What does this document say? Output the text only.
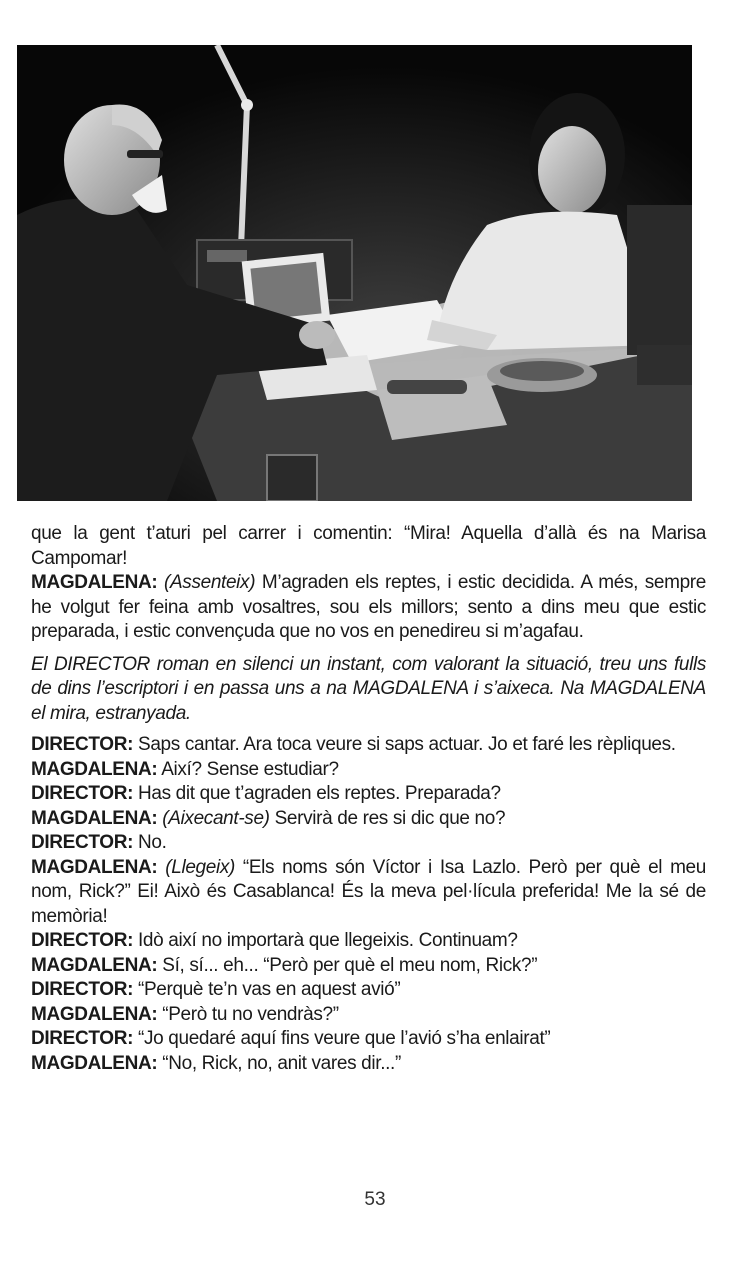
que la gent t’aturi pel carrer i comentin: “Mira! Aquella d’allà és na Marisa Campomar!

MAGDALENA: (Assenteix) M’agraden els reptes, i estic decidida. A més, sempre he volgut fer feina amb vosaltres, sou els millors; sento a dins meu que estic preparada, i estic convençuda que no vos en penedireu si m’agafau.

El DIRECTOR roman en silenci un instant, com valorant la situació, treu uns fulls de dins l’escriptori i en passa uns a na MAGDALENA i s’aixeca. Na MAGDALENA el mira, estranyada.

DIRECTOR: Saps cantar. Ara toca veure si saps actuar. Jo et faré les rèpliques.

MAGDALENA: Així? Sense estudiar?

DIRECTOR: Has dit que t’agraden els reptes. Preparada?

MAGDALENA: (Aixecant-se) Servirà de res si dic que no?

DIRECTOR: No.

MAGDALENA: (Llegeix) “Els noms són Víctor i Isa Lazlo. Però per què el meu nom, Rick?” Ei! Això és Casablanca! És la meva pel·lícula preferida! Me la sé de memòria!

DIRECTOR: Idò així no importarà que llegeixis. Continuam?

MAGDALENA: Sí, sí... eh... “Però per què el meu nom, Rick?”

DIRECTOR: “Perquè te’n vas en aquest avió”

MAGDALENA: “Però tu no vendràs?”

DIRECTOR: “Jo quedaré aquí fins veure que l’avió s’ha enlairat”

MAGDALENA: “No, Rick, no, anit vares dir...”

53
